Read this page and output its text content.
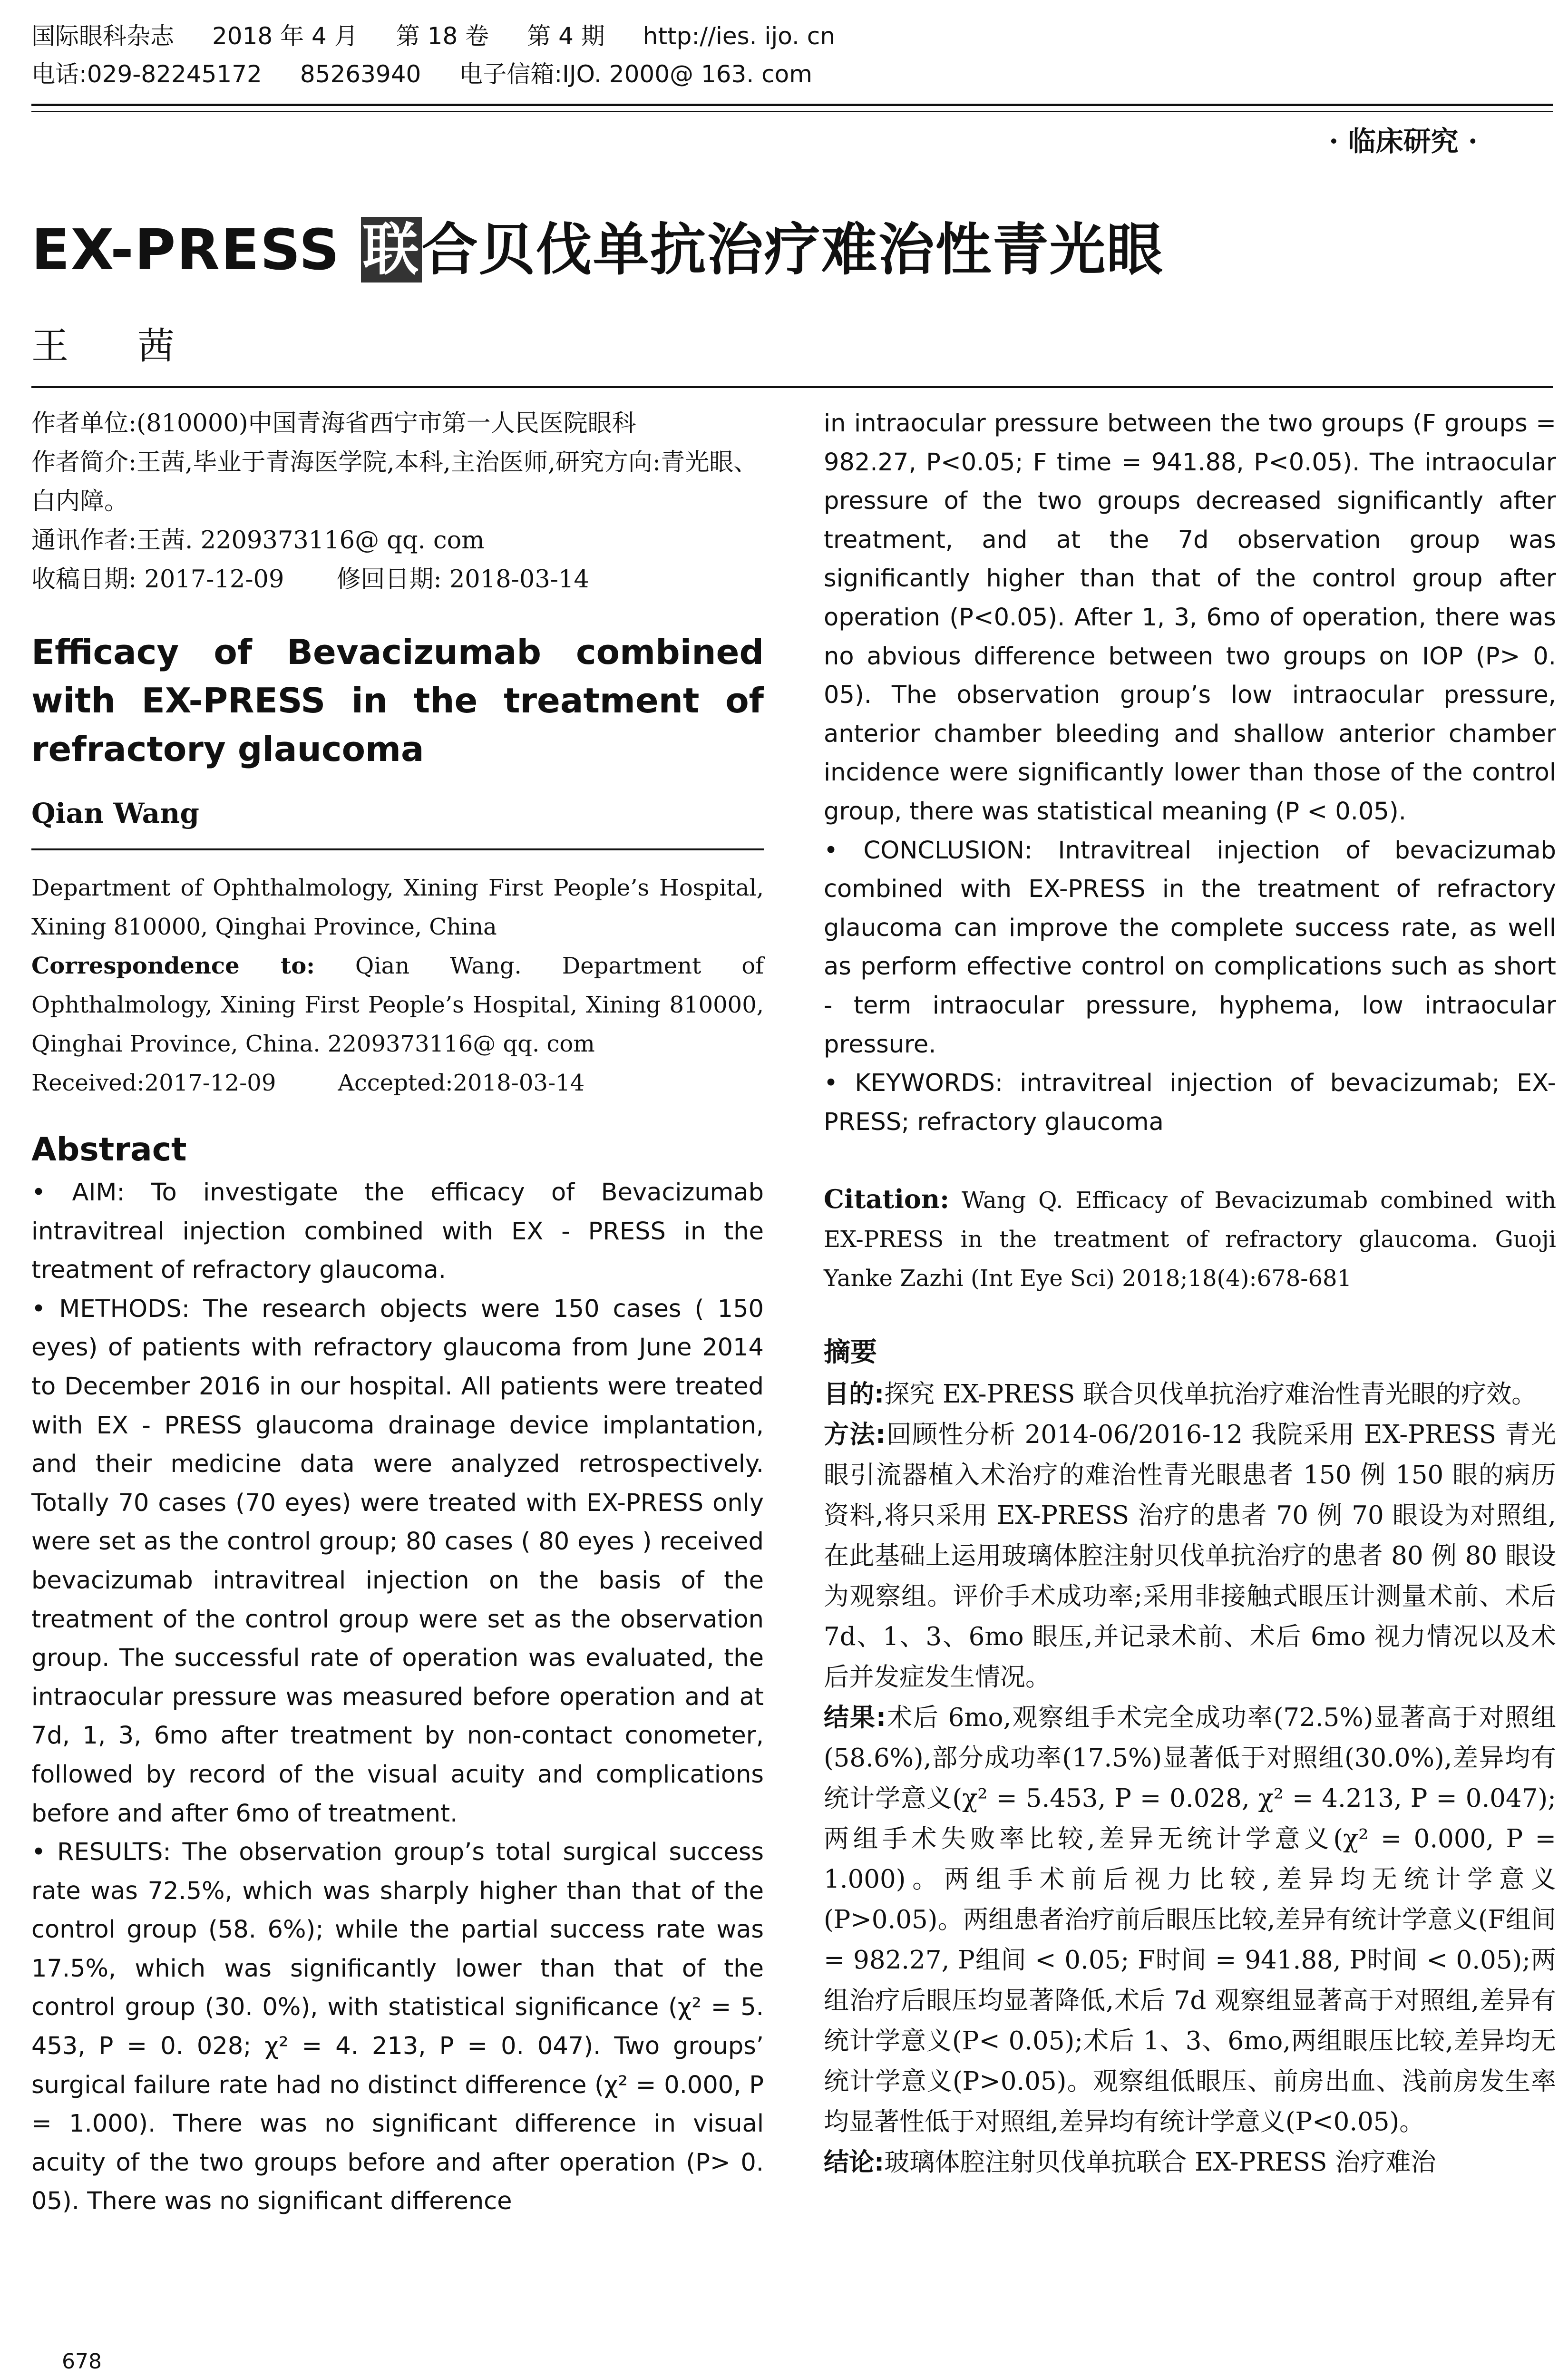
国际眼科杂志 2018 年 4 月 第 18 卷 第 4 期 http://ies. ijo. cn
电话:029-82245172 85263940 电子信箱:IJO. 2000@ 163. com
· 临床研究 ·
EX-PRESS 联合贝伐单抗治疗难治性青光眼
王 茜

作者单位:(810000)中国青海省西宁市第一人民医院眼科

作者简介:王茜,毕业于青海医学院,本科,主治医师,研究方向:青光眼、白内障。

通讯作者:王茜. 2209373116@ qq. com

收稿日期: 2017-12-09 修回日期: 2018-03-14

Efficacy of Bevacizumab combined with EX-PRESS in the treatment of refractory glaucoma
Qian Wang

Department of Ophthalmology, Xining First People’s Hospital, Xining 810000, Qinghai Province, China

Correspondence to: Qian Wang. Department of Ophthalmology, Xining First People’s Hospital, Xining 810000, Qinghai Province, China. 2209373116@ qq. com

Received:2017-12-09	Accepted:2018-03-14

Abstract

• AIM: To investigate the efficacy of Bevacizumab intravitreal injection combined with EX - PRESS in the treatment of refractory glaucoma.

• METHODS: The research objects were 150 cases ( 150 eyes) of patients with refractory glaucoma from June 2014 to December 2016 in our hospital. All patients were treated with EX - PRESS glaucoma drainage device implantation, and their medicine data were analyzed retrospectively. Totally 70 cases (70 eyes) were treated with EX-PRESS only were set as the control group; 80 cases ( 80 eyes ) received bevacizumab intravitreal injection on the basis of the treatment of the control group were set as the observation group. The successful rate of operation was evaluated, the intraocular pressure was measured before operation and at 7d, 1, 3, 6mo after treatment by non-contact conometer, followed by record of the visual acuity and complications before and after 6mo of treatment.

• RESULTS: The observation group’s total surgical success rate was 72.5%, which was sharply higher than that of the control group (58. 6%); while the partial success rate was 17.5%, which was significantly lower than that of the control group (30. 0%), with statistical significance (χ² = 5. 453, P = 0. 028; χ² = 4. 213, P = 0. 047). Two groups’ surgical failure rate had no distinct difference (χ² = 0.000, P = 1.000). There was no significant difference in visual acuity of the two groups before and after operation (P> 0. 05). There was no significant difference

in intraocular pressure between the two groups (F groups = 982.27, P<0.05; F time = 941.88, P<0.05). The intraocular pressure of the two groups decreased significantly after treatment, and at the 7d observation group was significantly higher than that of the control group after operation (P<0.05). After 1, 3, 6mo of operation, there was no abvious difference between two groups on IOP (P> 0. 05). The observation group’s low intraocular pressure, anterior chamber bleeding and shallow anterior chamber incidence were significantly lower than those of the control group, there was statistical meaning (P < 0.05).

• CONCLUSION: Intravitreal injection of bevacizumab combined with EX-PRESS in the treatment of refractory glaucoma can improve the complete success rate, as well as perform effective control on complications such as short - term intraocular pressure, hyphema, low intraocular pressure.

• KEYWORDS: intravitreal injection of bevacizumab; EX-PRESS; refractory glaucoma

Citation: Wang Q. Efficacy of Bevacizumab combined with EX-PRESS in the treatment of refractory glaucoma. Guoji Yanke Zazhi (Int Eye Sci) 2018;18(4):678-681

摘要

目的:探究 EX-PRESS 联合贝伐单抗治疗难治性青光眼的疗效。

方法:回顾性分析 2014-06/2016-12 我院采用 EX-PRESS 青光眼引流器植入术治疗的难治性青光眼患者 150 例 150 眼的病历资料,将只采用 EX-PRESS 治疗的患者 70 例 70 眼设为对照组,在此基础上运用玻璃体腔注射贝伐单抗治疗的患者 80 例 80 眼设为观察组。评价手术成功率;采用非接触式眼压计测量术前、术后 7d、1、3、6mo 眼压,并记录术前、术后 6mo 视力情况以及术后并发症发生情况。

结果:术后 6mo,观察组手术完全成功率(72.5%)显著高于对照组(58.6%),部分成功率(17.5%)显著低于对照组(30.0%),差异均有统计学意义(χ² = 5.453, P = 0.028, χ² = 4.213, P = 0.047);两组手术失败率比较,差异无统计学意义(χ² = 0.000, P = 1.000)。两组手术前后视力比较,差异均无统计学意义(P>0.05)。两组患者治疗前后眼压比较,差异有统计学意义(F组间 = 982.27, P组间 < 0.05; F时间 = 941.88, P时间 < 0.05);两组治疗后眼压均显著降低,术后 7d 观察组显著高于对照组,差异有统计学意义(P< 0.05);术后 1、3、6mo,两组眼压比较,差异均无统计学意义(P>0.05)。观察组低眼压、前房出血、浅前房发生率均显著性低于对照组,差异均有统计学意义(P<0.05)。

结论:玻璃体腔注射贝伐单抗联合 EX-PRESS 治疗难治

678
